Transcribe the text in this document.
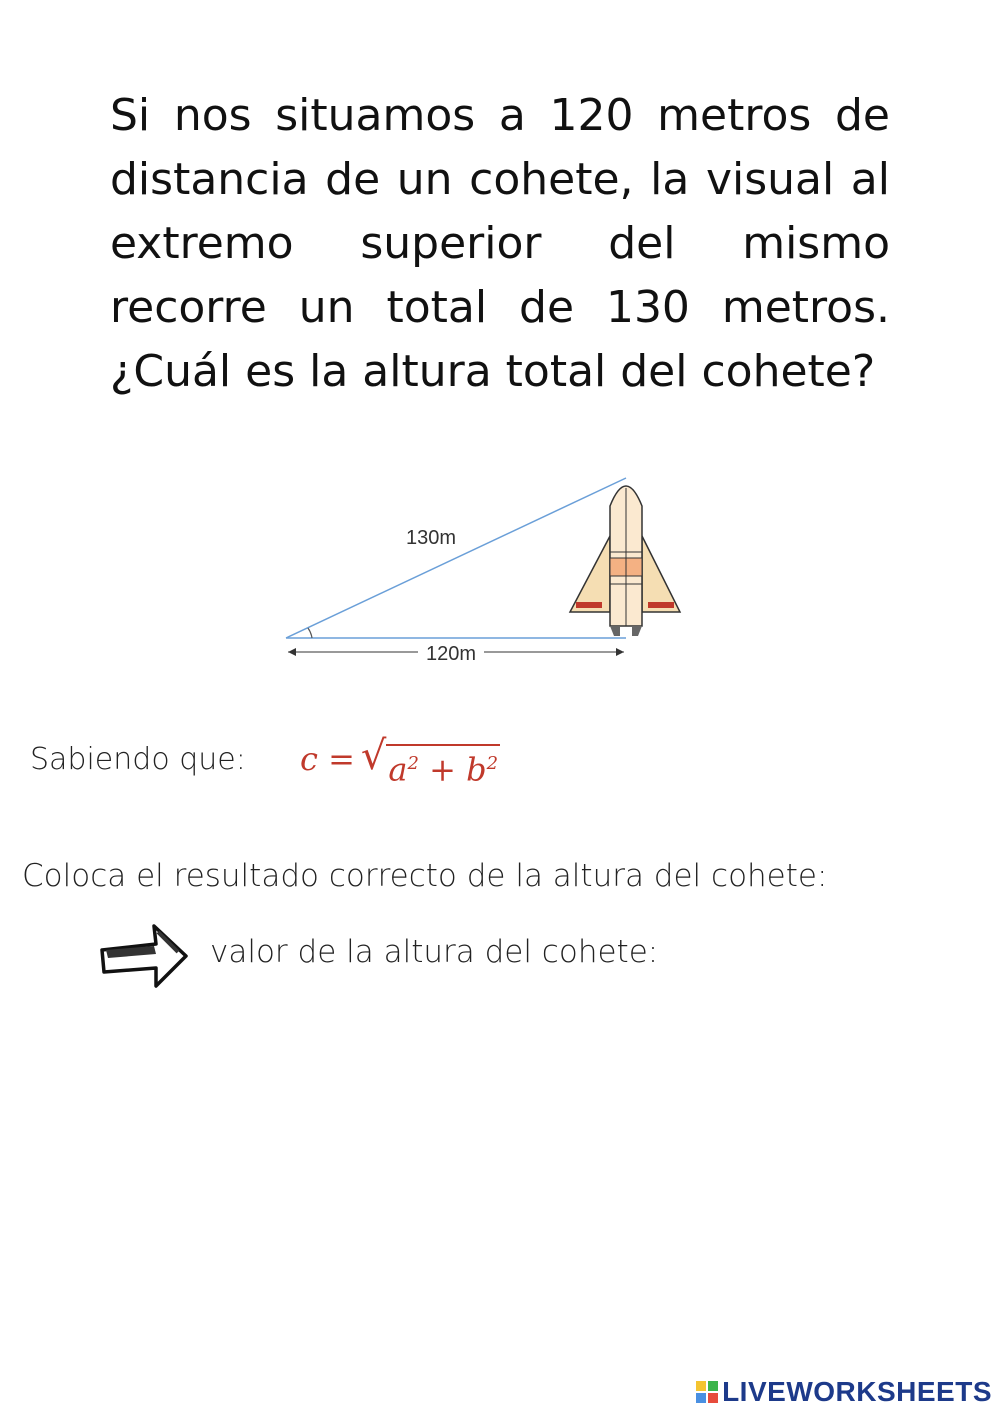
Si nos situamos a 120 metros de distancia de un cohete, la visual al extremo superior del mismo recorre un total de 130 metros. ¿Cuál es la altura total del cohete?
130m
120m
Sabiendo que: c = √ $a^2 + b^2$
Coloca el resultado correcto de la altura del cohete:
valor de la altura del cohete:
LIVEWORKSHEETS
